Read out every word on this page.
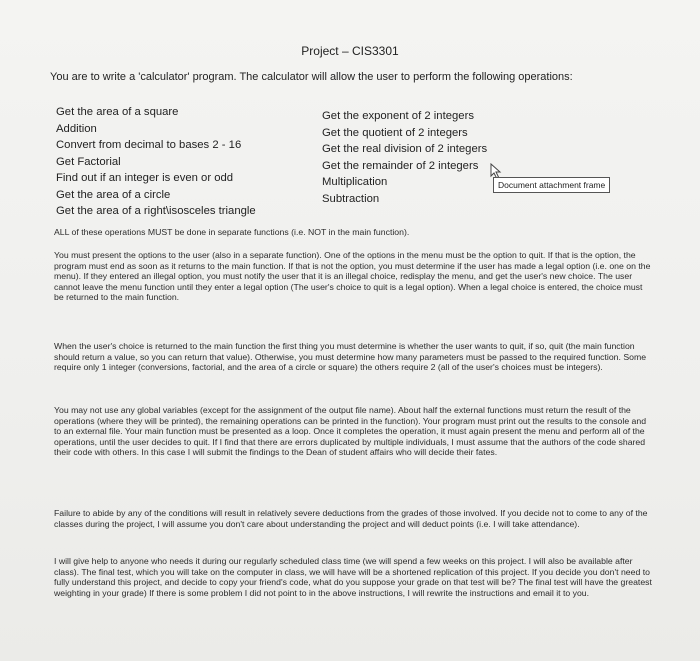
Project – CIS3301
You are to write a 'calculator' program. The calculator will allow the user to perform the following operations:
Get the area of a square
Addition
Convert from decimal to bases 2 - 16
Get Factorial
Find out if an integer is even or odd
Get the area of a circle
Get the area of a right\isosceles triangle
Get the exponent of 2 integers
Get the quotient of 2 integers
Get the real division of 2 integers
Get the remainder of 2 integers
Multiplication
Subtraction
Document attachment frame

ALL of these operations MUST be done in separate functions (i.e. NOT in the main function).

You must present the options to the user (also in a separate function). One of the options in the menu must be the option to quit. If that is the option, the program must end as soon as it returns to the main function. If that is not the option, you must determine if the user has made a legal option (i.e. one on the menu). If they entered an illegal option, you must notify the user that it is an illegal choice, redisplay the menu, and get the user's new choice. The user cannot leave the menu function until they enter a legal option (The user's choice to quit is a legal option). When a legal choice is entered, the choice must be returned to the main function.

When the user's choice is returned to the main function the first thing you must determine is whether the user wants to quit, if so, quit (the main function should return a value, so you can return that value). Otherwise, you must determine how many parameters must be passed to the required function. Some require only 1 integer (conversions, factorial, and the area of a circle or square) the others require 2 (all of the user's choices must be integers).

You may not use any global variables (except for the assignment of the output file name). About half the external functions must return the result of the operations (where they will be printed), the remaining operations can be printed in the function). Your program must print out the results to the console and to an external file. Your main function must be presented as a loop. Once it completes the operation, it must again present the menu and perform all of the operations, until the user decides to quit. If I find that there are errors duplicated by multiple individuals, I must assume that the authors of the code shared their code with others. In this case I will submit the findings to the Dean of student affairs who will decide their fates.

Failure to abide by any of the conditions will result in relatively severe deductions from the grades of those involved. If you decide not to come to any of the classes during the project, I will assume you don't care about understanding the project and will deduct points (i.e. I will take attendance).

I will give help to anyone who needs it during our regularly scheduled class time (we will spend a few weeks on this project. I will also be available after class). The final test, which you will take on the computer in class, we will have will be a shortened replication of this project. If you decide you don't need to fully understand this project, and decide to copy your friend's code, what do you suppose your grade on that test will be? The final test will have the greatest weighting in your grade) If there is some problem I did not point to in the above instructions, I will rewrite the instructions and email it to you.
